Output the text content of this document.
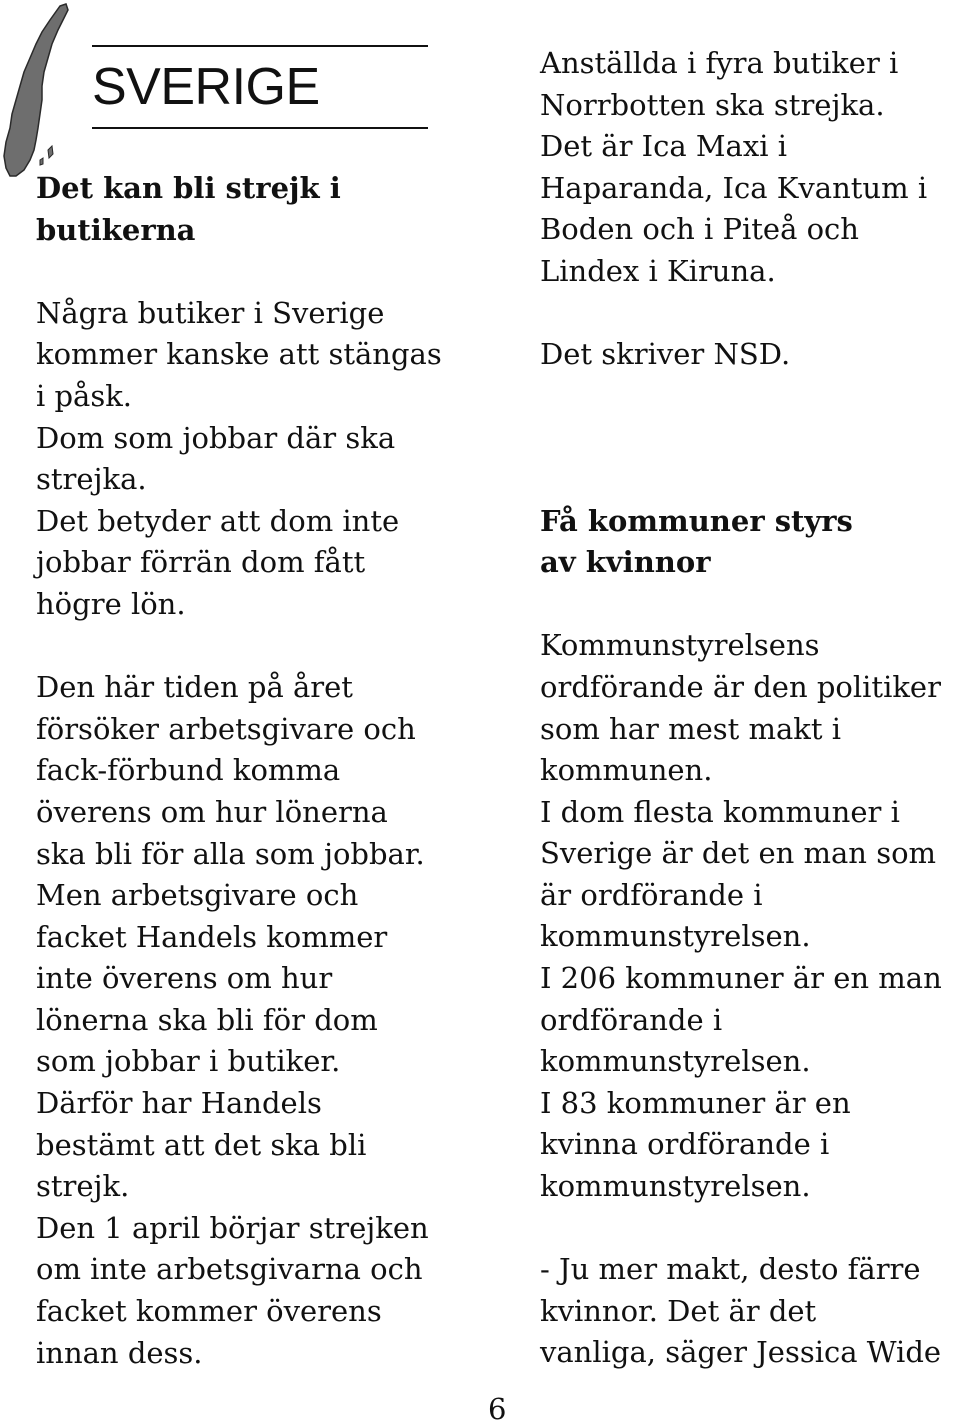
SVERIGE

Det kan bli strejk i

butikerna

Några butiker i Sverige

kommer kanske att stängas

i påsk.

Dom som jobbar där ska

strejka.

Det betyder att dom inte

jobbar förrän dom fått

högre lön.

Den här tiden på året

försöker arbetsgivare och

fack-förbund komma

överens om hur lönerna

ska bli för alla som jobbar.

Men arbetsgivare och

facket Handels kommer

inte överens om hur

lönerna ska bli för dom

som jobbar i butiker.

Därför har Handels

bestämt att det ska bli

strejk.

Den 1 april börjar strejken

om inte arbetsgivarna och

facket kommer överens

innan dess.

Anställda i fyra butiker i

Norrbotten ska strejka.

Det är Ica Maxi i

Haparanda, Ica Kvantum i

Boden och i Piteå och

Lindex i Kiruna.

Det skriver NSD.

Få kommuner styrs

av kvinnor

Kommunstyrelsens

ordförande är den politiker

som har mest makt i

kommunen.

I dom flesta kommuner i

Sverige är det en man som

är ordförande i

kommunstyrelsen.

I 206 kommuner är en man

ordförande i

kommunstyrelsen.

I 83 kommuner är en

kvinna ordförande i

kommunstyrelsen.

- Ju mer makt, desto färre

kvinnor. Det är det

vanliga, säger Jessica Wide

6
